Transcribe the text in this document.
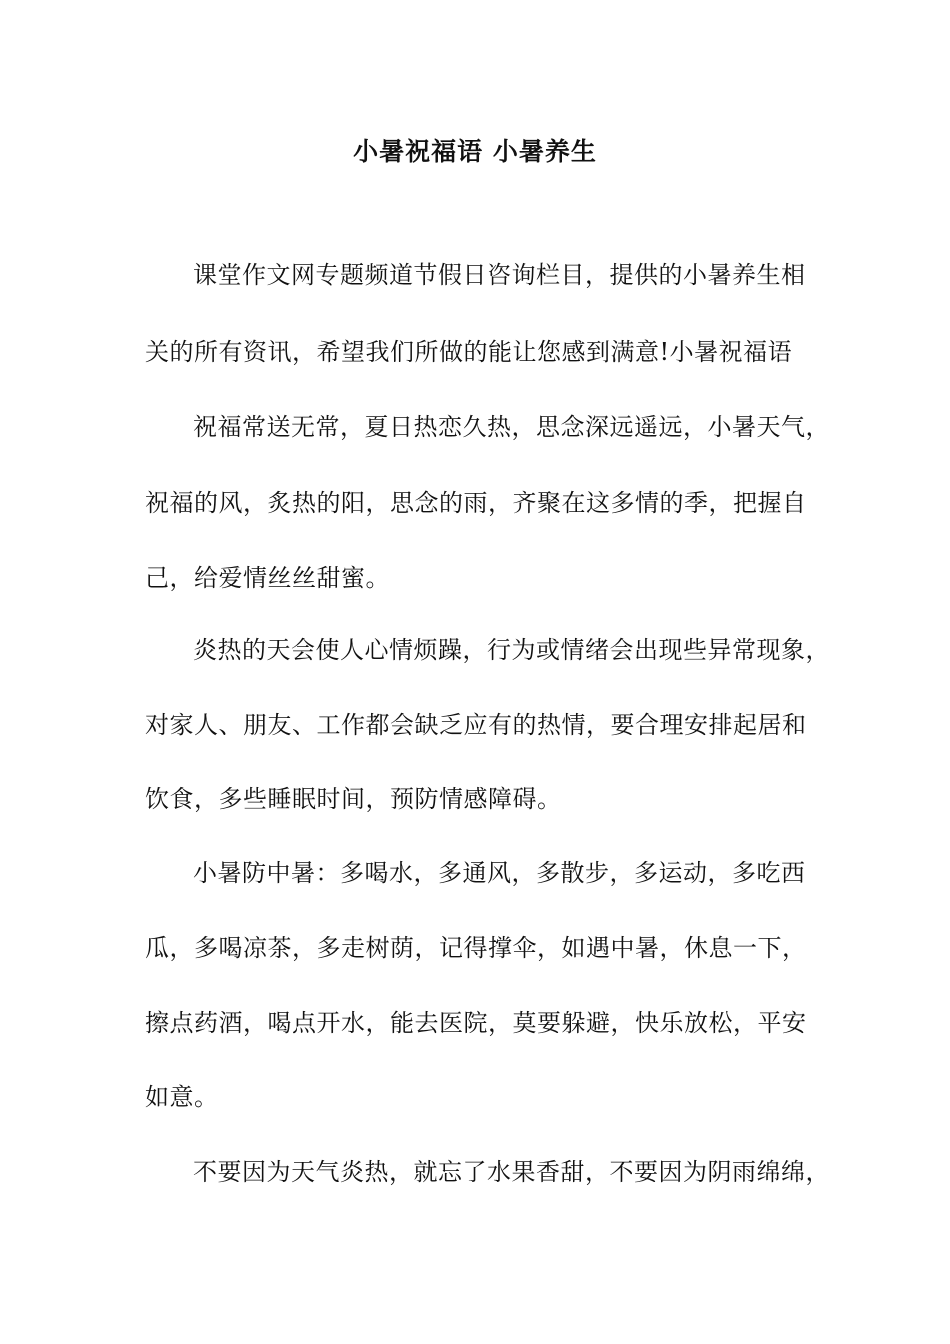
小暑祝福语 小暑养生

课堂作文网专题频道节假日咨询栏目，提供的小暑养生相

关的所有资讯，希望我们所做的能让您感到满意!小暑祝福语

祝福常送无常，夏日热恋久热，思念深远遥远，小暑天气，

祝福的风，炙热的阳，思念的雨，齐聚在这多情的季，把握自

己，给爱情丝丝甜蜜。

炎热的天会使人心情烦躁，行为或情绪会出现些异常现象，

对家人、朋友、工作都会缺乏应有的热情，要合理安排起居和

饮食，多些睡眠时间，预防情感障碍。

小暑防中暑：多喝水，多通风，多散步，多运动，多吃西

瓜，多喝凉茶，多走树荫，记得撑伞，如遇中暑，休息一下，

擦点药酒，喝点开水，能去医院，莫要躲避，快乐放松，平安

如意。

不要因为天气炎热，就忘了水果香甜，不要因为阴雨绵绵，
